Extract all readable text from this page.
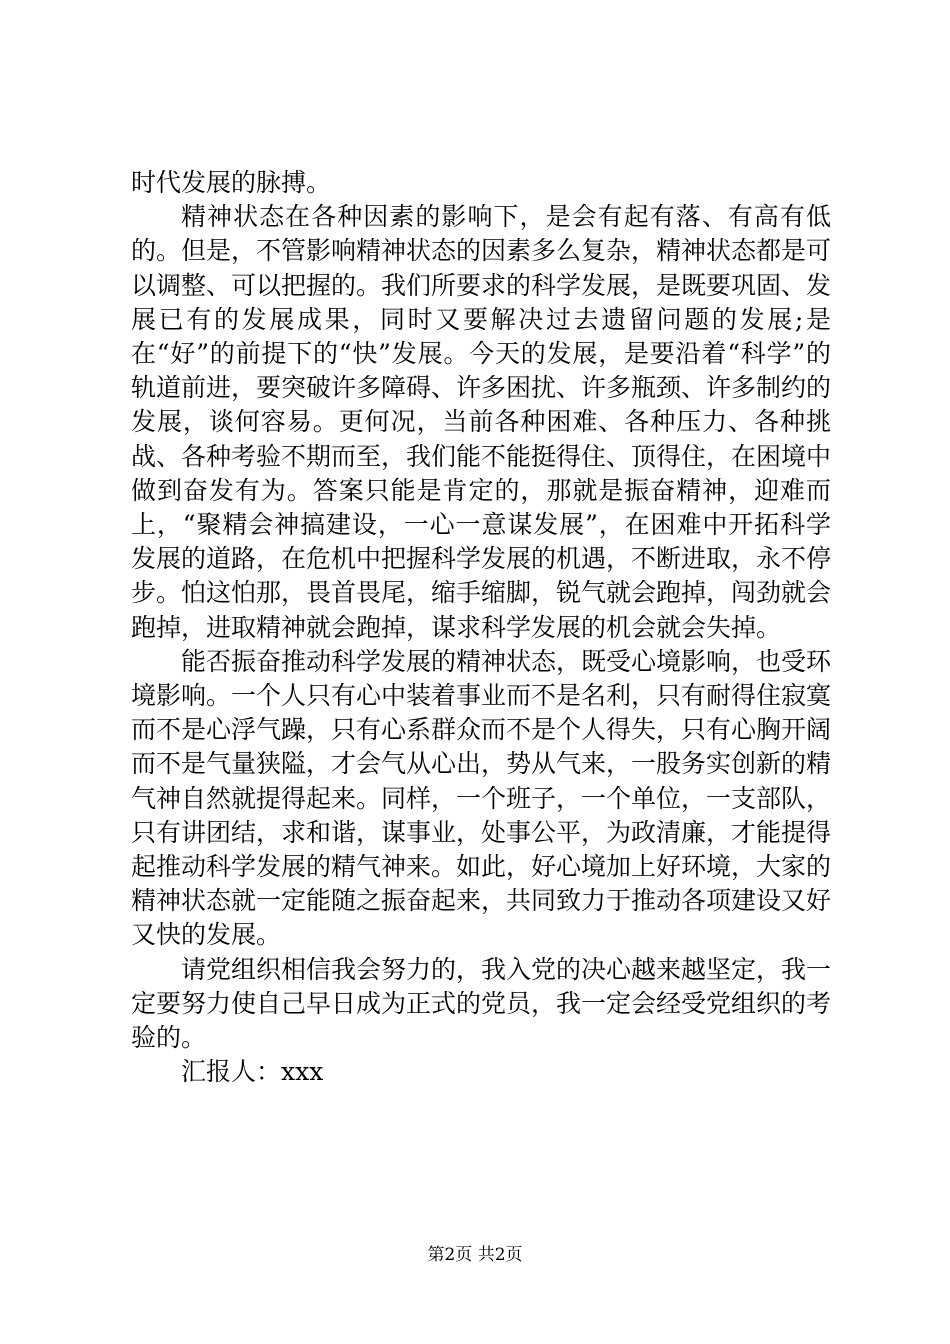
时代发展的脉搏。

精神状态在各种因素的影响下，是会有起有落、有高有低的。但是，不管影响精神状态的因素多么复杂，精神状态都是可以调整、可以把握的。我们所要求的科学发展，是既要巩固、发展已有的发展成果，同时又要解决过去遗留问题的发展;是在“好”的前提下的“快”发展。今天的发展，是要沿着“科学”的轨道前进，要突破许多障碍、许多困扰、许多瓶颈、许多制约的发展，谈何容易。更何况，当前各种困难、各种压力、各种挑战、各种考验不期而至，我们能不能挺得住、顶得住，在困境中做到奋发有为。答案只能是肯定的，那就是振奋精神，迎难而上，“聚精会神搞建设，一心一意谋发展”，在困难中开拓科学发展的道路，在危机中把握科学发展的机遇，不断进取，永不停步。怕这怕那，畏首畏尾，缩手缩脚，锐气就会跑掉，闯劲就会跑掉，进取精神就会跑掉，谋求科学发展的机会就会失掉。

能否振奋推动科学发展的精神状态，既受心境影响，也受环境影响。一个人只有心中装着事业而不是名利，只有耐得住寂寞而不是心浮气躁，只有心系群众而不是个人得失，只有心胸开阔而不是气量狭隘，才会气从心出，势从气来，一股务实创新的精气神自然就提得起来。同样，一个班子，一个单位，一支部队，只有讲团结，求和谐，谋事业，处事公平，为政清廉，才能提得起推动科学发展的精气神来。如此，好心境加上好环境，大家的精神状态就一定能随之振奋起来，共同致力于推动各项建设又好又快的发展。

请党组织相信我会努力的，我入党的决心越来越坚定，我一定要努力使自己早日成为正式的党员，我一定会经受党组织的考验的。

汇报人：xxx

第2页 共2页
